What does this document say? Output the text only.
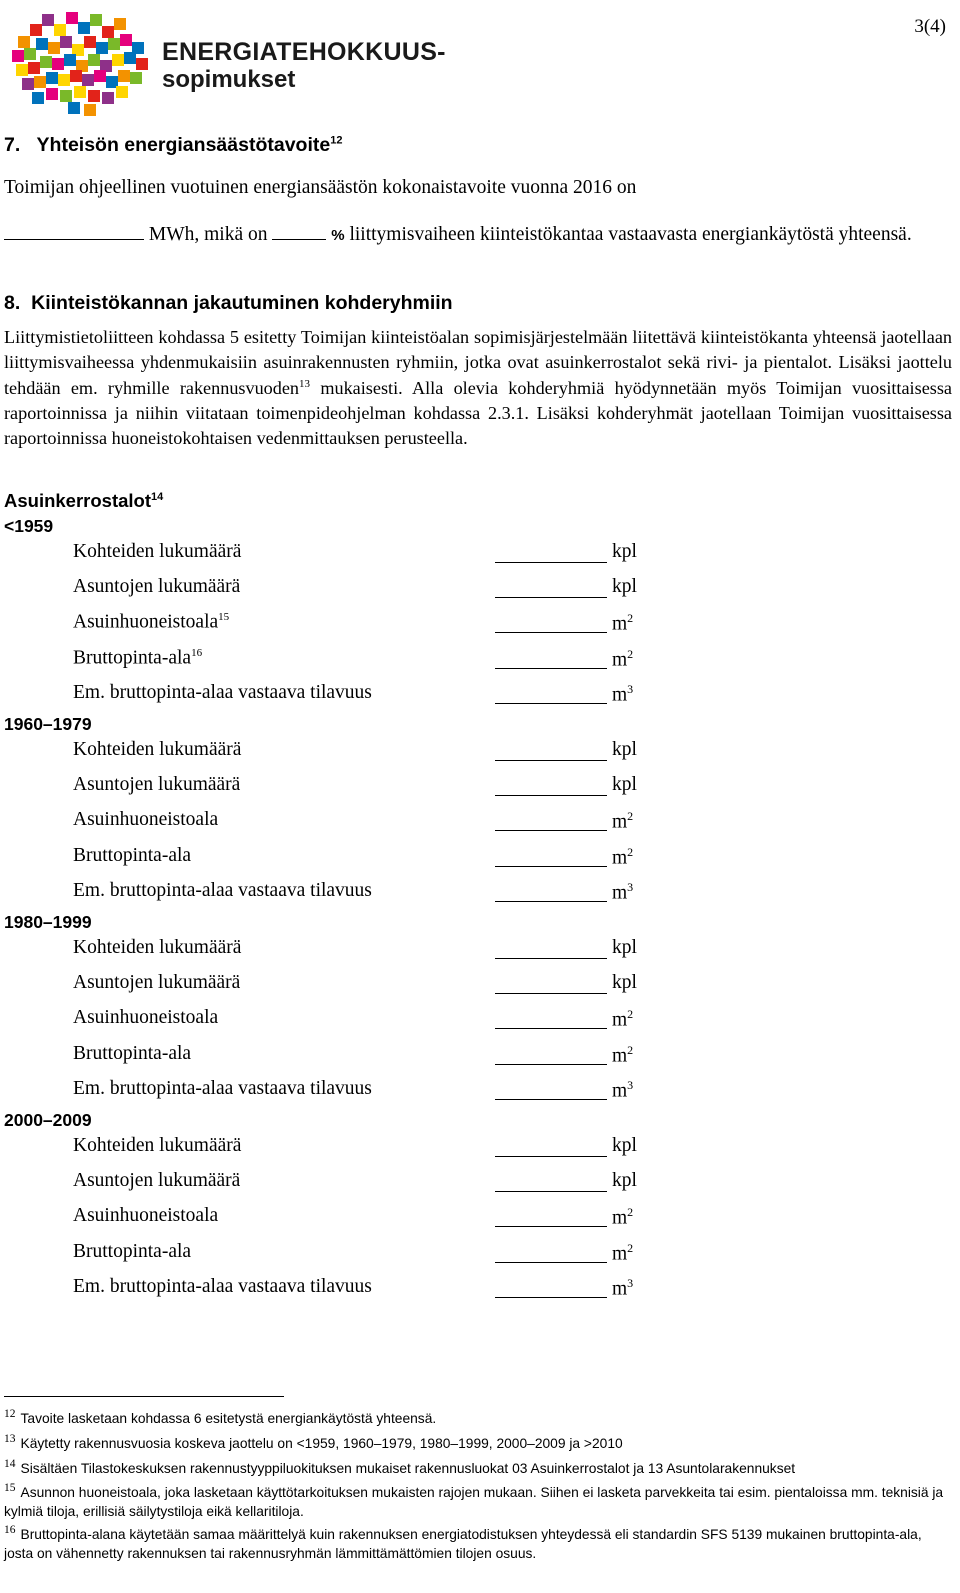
ENERGIATEHOKKUUS-
sopimukset
3(4)
7. Yhteisön energiansäästötavoite$^{12}$
Toimijan ohjeellinen vuotuinen energiansäästön kokonaistavoite vuonna 2016 on
MWh, mikä on	% liittymisvaiheen kiinteistökantaa vastaavasta energiankäytöstä yhteensä.
8. Kiinteistökannan jakautuminen kohderyhmiin
Liittymistietoliitteen kohdassa 5 esitetty Toimijan kiinteistöalan sopimisjärjestelmään liitettävä kiinteistökanta yhteensä jaotellaan liittymisvaiheessa yhdenmukaisiin asuinrakennusten ryhmiin, jotka ovat asuinkerrostalot sekä rivi- ja pientalot. Lisäksi jaottelu tehdään em. ryhmille rakennusvuoden$^{13}$ mukaisesti. Alla olevia kohderyhmiä hyödynnetään myös Toimijan vuosittaisessa raportoinnissa ja niihin viitataan toimenpideohjelman kohdassa 2.3.1. Lisäksi kohderyhmät jaotellaan Toimijan vuosittaisessa raportoinnissa huoneistokohtaisen vedenmittauksen perusteella.
Asuinkerrostalot$^{14}$
<1959
Kohteiden lukumäärä	kpl
Asuntojen lukumäärä	kpl
Asuinhuoneistoala$^{15}$	$m^2$
Bruttopinta-ala$^{16}$	$m^2$
Em. bruttopinta-alaa vastaava tilavuus	$m^3$
1960–1979
Kohteiden lukumäärä	kpl
Asuntojen lukumäärä	kpl
Asuinhuoneistoala	$m^2$
Bruttopinta-ala	$m^2$
Em. bruttopinta-alaa vastaava tilavuus	$m^3$
1980–1999
Kohteiden lukumäärä	kpl
Asuntojen lukumäärä	kpl
Asuinhuoneistoala	$m^2$
Bruttopinta-ala	$m^2$
Em. bruttopinta-alaa vastaava tilavuus	$m^3$
2000–2009
Kohteiden lukumäärä	kpl
Asuntojen lukumäärä	kpl
Asuinhuoneistoala	$m^2$
Bruttopinta-ala	$m^2$
Em. bruttopinta-alaa vastaava tilavuus	$m^3$
$^{12}$ Tavoite lasketaan kohdassa 6 esitetystä energiankäytöstä yhteensä.
$^{13}$ Käytetty rakennusvuosia koskeva jaottelu on <1959, 1960–1979, 1980–1999, 2000–2009 ja >2010
$^{14}$ Sisältäen Tilastokeskuksen rakennustyyppiluokituksen mukaiset rakennusluokat 03 Asuinkerrostalot ja 13 Asuntolarakennukset
$^{15}$ Asunnon huoneistoala, joka lasketaan käyttötarkoituksen mukaisten rajojen mukaan. Siihen ei lasketa parvekkeita tai esim. pientaloissa mm. teknisiä ja kylmiä tiloja, erillisiä säilytystiloja eikä kellaritiloja.
$^{16}$ Bruttopinta-alana käytetään samaa määrittelyä kuin rakennuksen energiatodistuksen yhteydessä eli standardin SFS 5139 mukainen bruttopinta-ala, josta on vähennetty rakennuksen tai rakennusryhmän lämmittämättömien tilojen osuus.
